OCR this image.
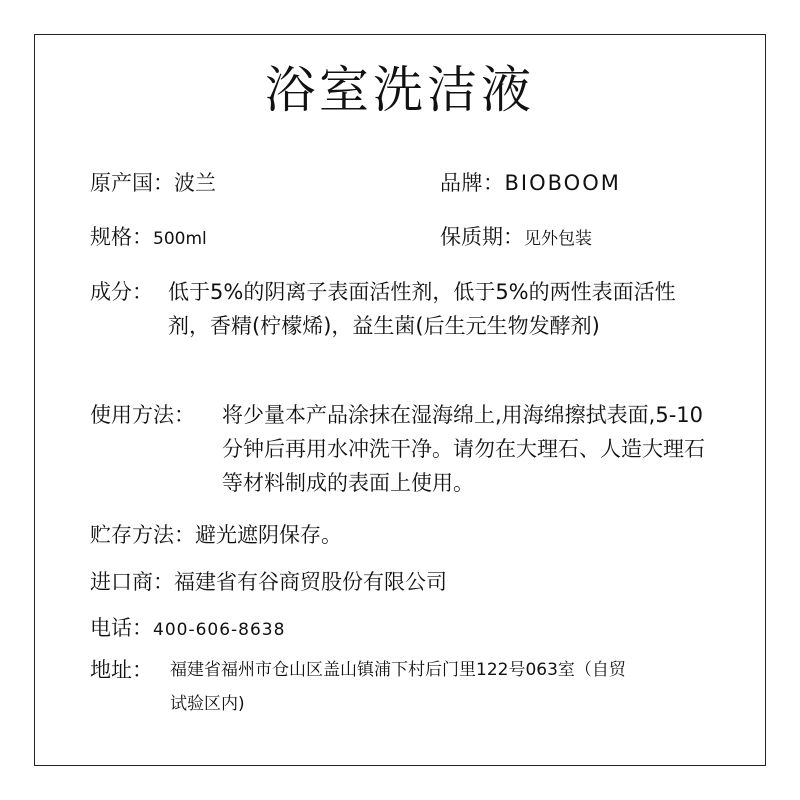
浴室洗洁液
原产国：波兰	品牌：BIOBOOM
规格：500ml	保质期：见外包装
成分： 低于5%的阴离子表面活性剂，低于5%的两性表面活性剂，香精(柠檬烯)，益生菌(后生元生物发酵剂)
使用方法： 将少量本产品涂抹在湿海绵上,用海绵擦拭表面,5-10分钟后再用水冲洗干净。请勿在大理石、人造大理石等材料制成的表面上使用。
贮存方法：避光遮阴保存。
进口商：福建省有谷商贸股份有限公司
电话：400-606-8638
地址： 福建省福州市仓山区盖山镇浦下村后门里122号063室（自贸试验区内)
